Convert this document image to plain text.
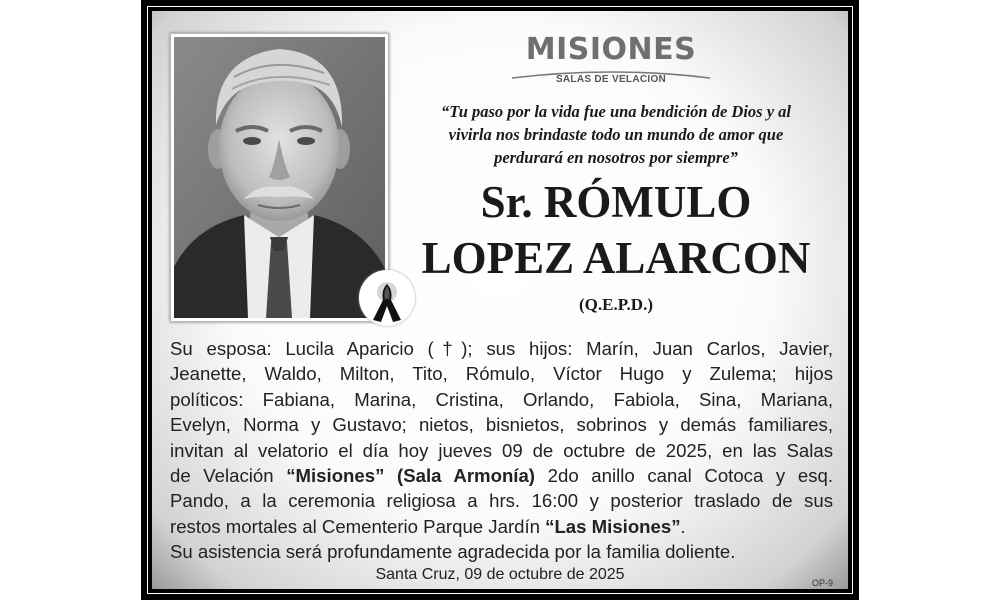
MISIONES
SALAS DE VELACION
“Tu paso por la vida fue una bendición de Dios y al
vivirla nos brindaste todo un mundo de amor que
perdurará en nosotros por siempre”
Sr. RÓMULO
LOPEZ ALARCON
(Q.E.P.D.)
Su esposa: Lucila Aparicio (†); sus hijos: Marín, Juan Carlos, Javier,
Jeanette, Waldo, Milton, Tito, Rómulo, Víctor Hugo y Zulema; hijos
políticos: Fabiana, Marina, Cristina, Orlando, Fabiola, Sina, Mariana,
Evelyn, Norma y Gustavo; nietos, bisnietos, sobrinos y demás familiares,
invitan al velatorio el día hoy jueves 09 de octubre de 2025, en las Salas
de Velación “Misiones” (Sala Armonía) 2do anillo canal Cotoca y esq.
Pando, a la ceremonia religiosa a hrs. 16:00 y posterior traslado de sus
restos mortales al Cementerio Parque Jardín “Las Misiones”.
Su asistencia será profundamente agradecida por la familia doliente.
Santa Cruz, 09 de octubre de 2025	OP-9
